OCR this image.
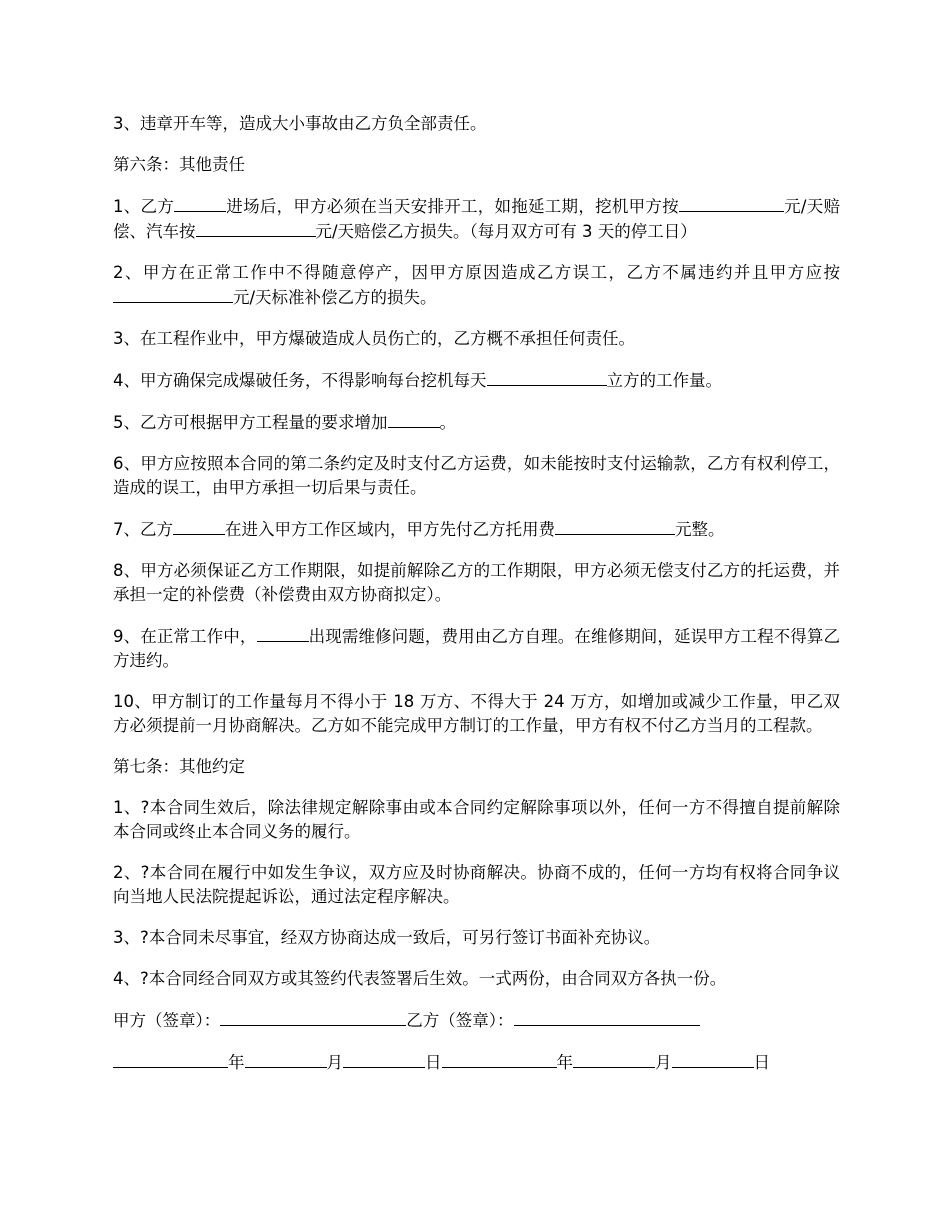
3、违章开车等，造成大小事故由乙方负全部责任。

第六条：其他责任

1、乙方	进场后，甲方必须在当天安排开工，如拖延工期，挖机甲方按	元/天赔偿、汽车按	元/天赔偿乙方损失。（每月双方可有 3 天的停工日）

2、甲方在正常工作中不得随意停产，因甲方原因造成乙方误工，乙方不属违约并且甲方应按元/天标准补偿乙方的损失。

3、在工程作业中，甲方爆破造成人员伤亡的，乙方概不承担任何责任。

4、甲方确保完成爆破任务，不得影响每台挖机每天	立方的工作量。

5、乙方可根据甲方工程量的要求增加	。

6、甲方应按照本合同的第二条约定及时支付乙方运费，如未能按时支付运输款，乙方有权利停工，造成的误工，由甲方承担一切后果与责任。

7、乙方	在进入甲方工作区域内，甲方先付乙方托用费	元整。

8、甲方必须保证乙方工作期限，如提前解除乙方的工作期限，甲方必须无偿支付乙方的托运费，并承担一定的补偿费（补偿费由双方协商拟定）。

9、在正常工作中，	出现需维修问题，费用由乙方自理。在维修期间，延误甲方工程不得算乙方违约。

10、甲方制订的工作量每月不得小于 18 万方、不得大于 24 万方，如增加或减少工作量，甲乙双方必须提前一月协商解决。乙方如不能完成甲方制订的工作量，甲方有权不付乙方当月的工程款。

第七条：其他约定

1、?本合同生效后，除法律规定解除事由或本合同约定解除事项以外，任何一方不得擅自提前解除本合同或终止本合同义务的履行。

2、?本合同在履行中如发生争议，双方应及时协商解决。协商不成的，任何一方均有权将合同争议向当地人民法院提起诉讼，通过法定程序解决。

3、?本合同未尽事宜，经双方协商达成一致后，可另行签订书面补充协议。

4、?本合同经合同双方或其签约代表签署后生效。一式两份，由合同双方各执一份。

甲方（签章）：	乙方（签章）：

年	月	日	年	月	日
